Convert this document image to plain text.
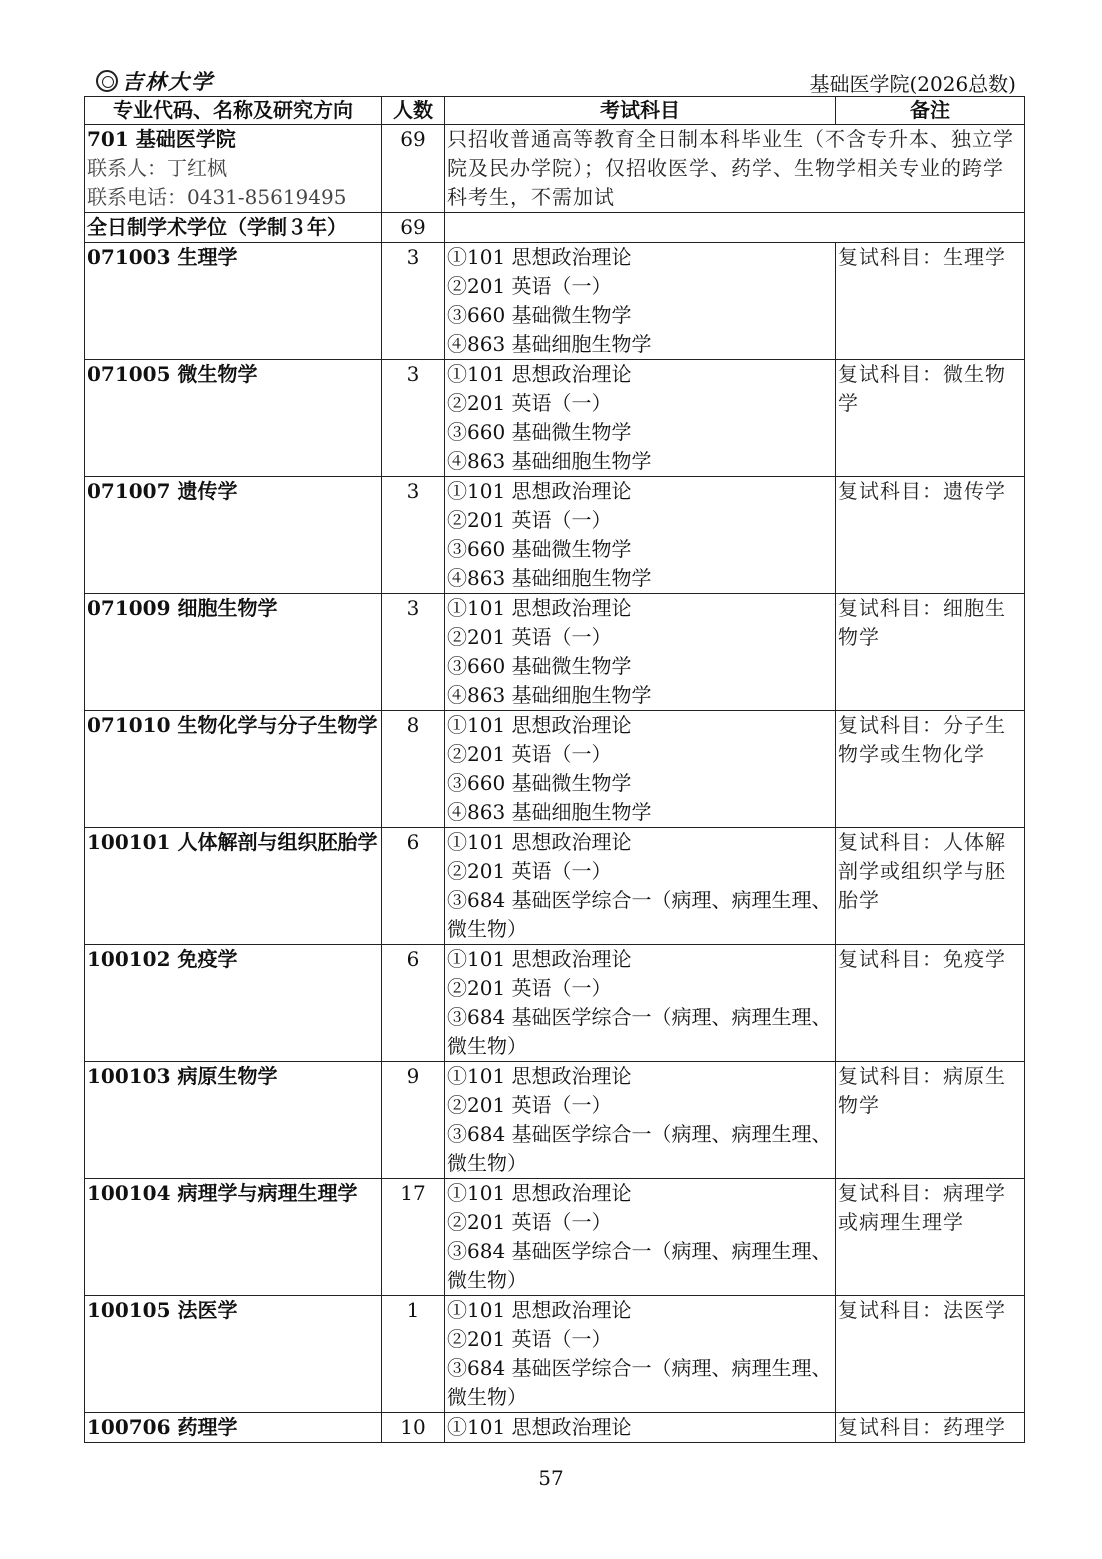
吉林大学	基础医学院(2026总数)
专业代码、名称及研究方向	人数	考试科目	备注

701 基础医学院
联系人：丁红枫
联系电话：0431-85619495	69	只招收普通高等教育全日制本科毕业生（不含专升本、独立学院及民办学院）；仅招收医学、药学、生物学相关专业的跨学科考生，不需加试	
全日制学术学位（学制３年）	69		
071003 生理学	3	①101 思想政治理论
②201 英语（一）
③660 基础微生物学
④863 基础细胞生物学	复试科目：生理学
071005 微生物学	3	①101 思想政治理论
②201 英语（一）
③660 基础微生物学
④863 基础细胞生物学	复试科目：微生物学
071007 遗传学	3	①101 思想政治理论
②201 英语（一）
③660 基础微生物学
④863 基础细胞生物学	复试科目：遗传学
071009 细胞生物学	3	①101 思想政治理论
②201 英语（一）
③660 基础微生物学
④863 基础细胞生物学	复试科目：细胞生物学
071010 生物化学与分子生物学	8	①101 思想政治理论
②201 英语（一）
③660 基础微生物学
④863 基础细胞生物学	复试科目：分子生物学或生物化学
100101 人体解剖与组织胚胎学	6	①101 思想政治理论
②201 英语（一）
③684 基础医学综合一（病理、病理生理、微生物）	复试科目：人体解剖学或组织学与胚胎学
100102 免疫学	6	①101 思想政治理论
②201 英语（一）
③684 基础医学综合一（病理、病理生理、微生物）	复试科目：免疫学
100103 病原生物学	9	①101 思想政治理论
②201 英语（一）
③684 基础医学综合一（病理、病理生理、微生物）	复试科目：病原生物学
100104 病理学与病理生理学	17	①101 思想政治理论
②201 英语（一）
③684 基础医学综合一（病理、病理生理、微生物）	复试科目：病理学或病理生理学
100105 法医学	1	①101 思想政治理论
②201 英语（一）
③684 基础医学综合一（病理、病理生理、微生物）	复试科目：法医学
100706 药理学	10	①101 思想政治理论	复试科目：药理学
57
